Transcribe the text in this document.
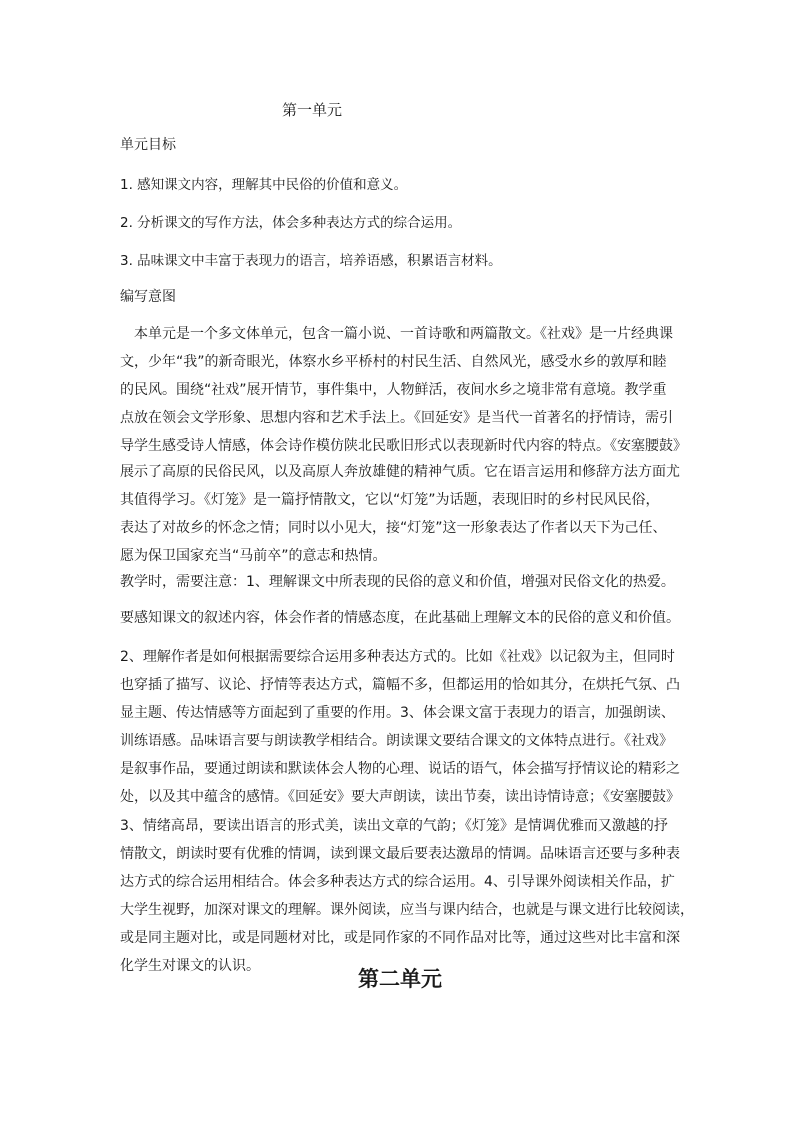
第一单元
单元目标
1. 感知课文内容，理解其中民俗的价值和意义。
2. 分析课文的写作方法，体会多种表达方式的综合运用。
3. 品味课文中丰富于表现力的语言，培养语感，积累语言材料。
编写意图
本单元是一个多文体单元，包含一篇小说、一首诗歌和两篇散文。《社戏》是一片经典课
文，少年“我”的新奇眼光，体察水乡平桥村的村民生活、自然风光，感受水乡的敦厚和睦
的民风。围绕“社戏”展开情节，事件集中，人物鲜活，夜间水乡之境非常有意境。教学重
点放在领会文学形象、思想内容和艺术手法上。《回延安》是当代一首著名的抒情诗，需引
导学生感受诗人情感，体会诗作模仿陕北民歌旧形式以表现新时代内容的特点。《安塞腰鼓》
展示了高原的民俗民风，以及高原人奔放雄健的精神气质。它在语言运用和修辞方法方面尤
其值得学习。《灯笼》是一篇抒情散文，它以“灯笼”为话题，表现旧时的乡村民风民俗，
表达了对故乡的怀念之情；同时以小见大，接“灯笼”这一形象表达了作者以天下为己任、
愿为保卫国家充当“马前卒”的意志和热情。
教学时，需要注意：1、理解课文中所表现的民俗的意义和价值，增强对民俗文化的热爱。
要感知课文的叙述内容，体会作者的情感态度，在此基础上理解文本的民俗的意义和价值。
2、理解作者是如何根据需要综合运用多种表达方式的。比如《社戏》以记叙为主，但同时
也穿插了描写、议论、抒情等表达方式，篇幅不多，但都运用的恰如其分，在烘托气氛、凸
显主题、传达情感等方面起到了重要的作用。3、体会课文富于表现力的语言，加强朗读、
训练语感。品味语言要与朗读教学相结合。朗读课文要结合课文的文体特点进行。《社戏》
是叙事作品，要通过朗读和默读体会人物的心理、说话的语气，体会描写抒情议论的精彩之
处，以及其中蕴含的感情。《回延安》要大声朗读，读出节奏，读出诗情诗意；《安塞腰鼓》
3、情绪高昂，要读出语言的形式美，读出文章的气韵；《灯笼》是情调优雅而又激越的抒
情散文，朗读时要有优雅的情调，读到课文最后要表达激昂的情调。品味语言还要与多种表
达方式的综合运用相结合。体会多种表达方式的综合运用。4、引导课外阅读相关作品，扩
大学生视野，加深对课文的理解。课外阅读，应当与课内结合，也就是与课文进行比较阅读，
或是同主题对比，或是同题材对比，或是同作家的不同作品对比等，通过这些对比丰富和深
化学生对课文的认识。	第二单元
